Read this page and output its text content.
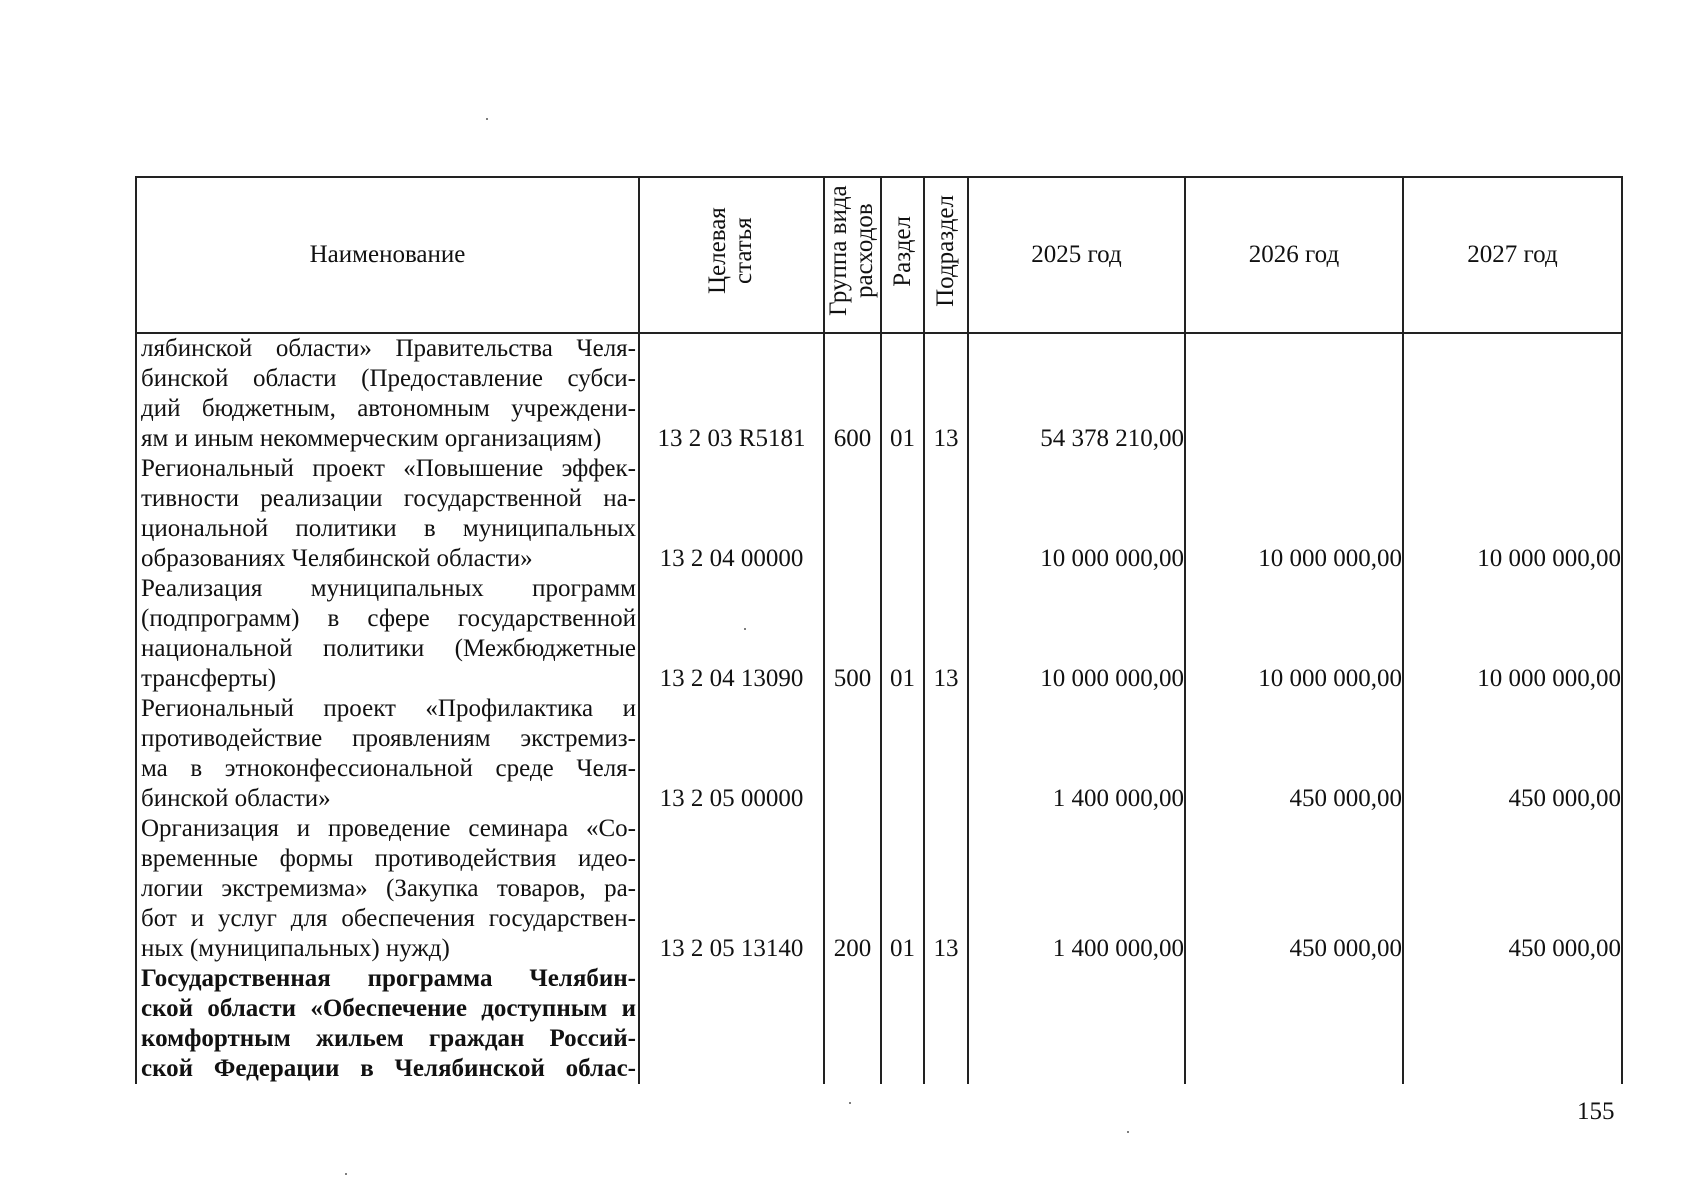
Наименование	Целевая статья	Группа вида расходов	Раздел	Подраздел	2025 год	2026 год	2027 год

лябинской области» Правительства Челя-
бинской области (Предоставление субси-
дий бюджетным, автономным учреждени-
ям и иным некоммерческим организациям)	13 2 03 R5181	600	01	13	54 378 210,00		

Региональный проект «Повышение эффек-
тивности реализации государственной на-
циональной политики в муниципальных
образованиях Челябинской области»	13 2 04 00000				10 000 000,00	10 000 000,00	10 000 000,00

Реализация муниципальных программ
(подпрограмм) в сфере государственной
национальной политики (Межбюджетные
трансферты)	13 2 04 13090	500	01	13	10 000 000,00	10 000 000,00	10 000 000,00

Региональный проект «Профилактика и
противодействие проявлениям экстремиз-
ма в этноконфессиональной среде Челя-
бинской области»	13 2 05 00000				1 400 000,00	450 000,00	450 000,00

Организация и проведение семинара «Со-
временные формы противодействия идео-
логии экстремизма» (Закупка товаров, ра-
бот и услуг для обеспечения государствен-
ных (муниципальных) нужд)	13 2 05 13140	200	01	13	1 400 000,00	450 000,00	450 000,00

Государственная программа Челябин-
ской области «Обеспечение доступным и
комфортным жильем граждан Россий-
ской Федерации в Челябинской облас-							

155
